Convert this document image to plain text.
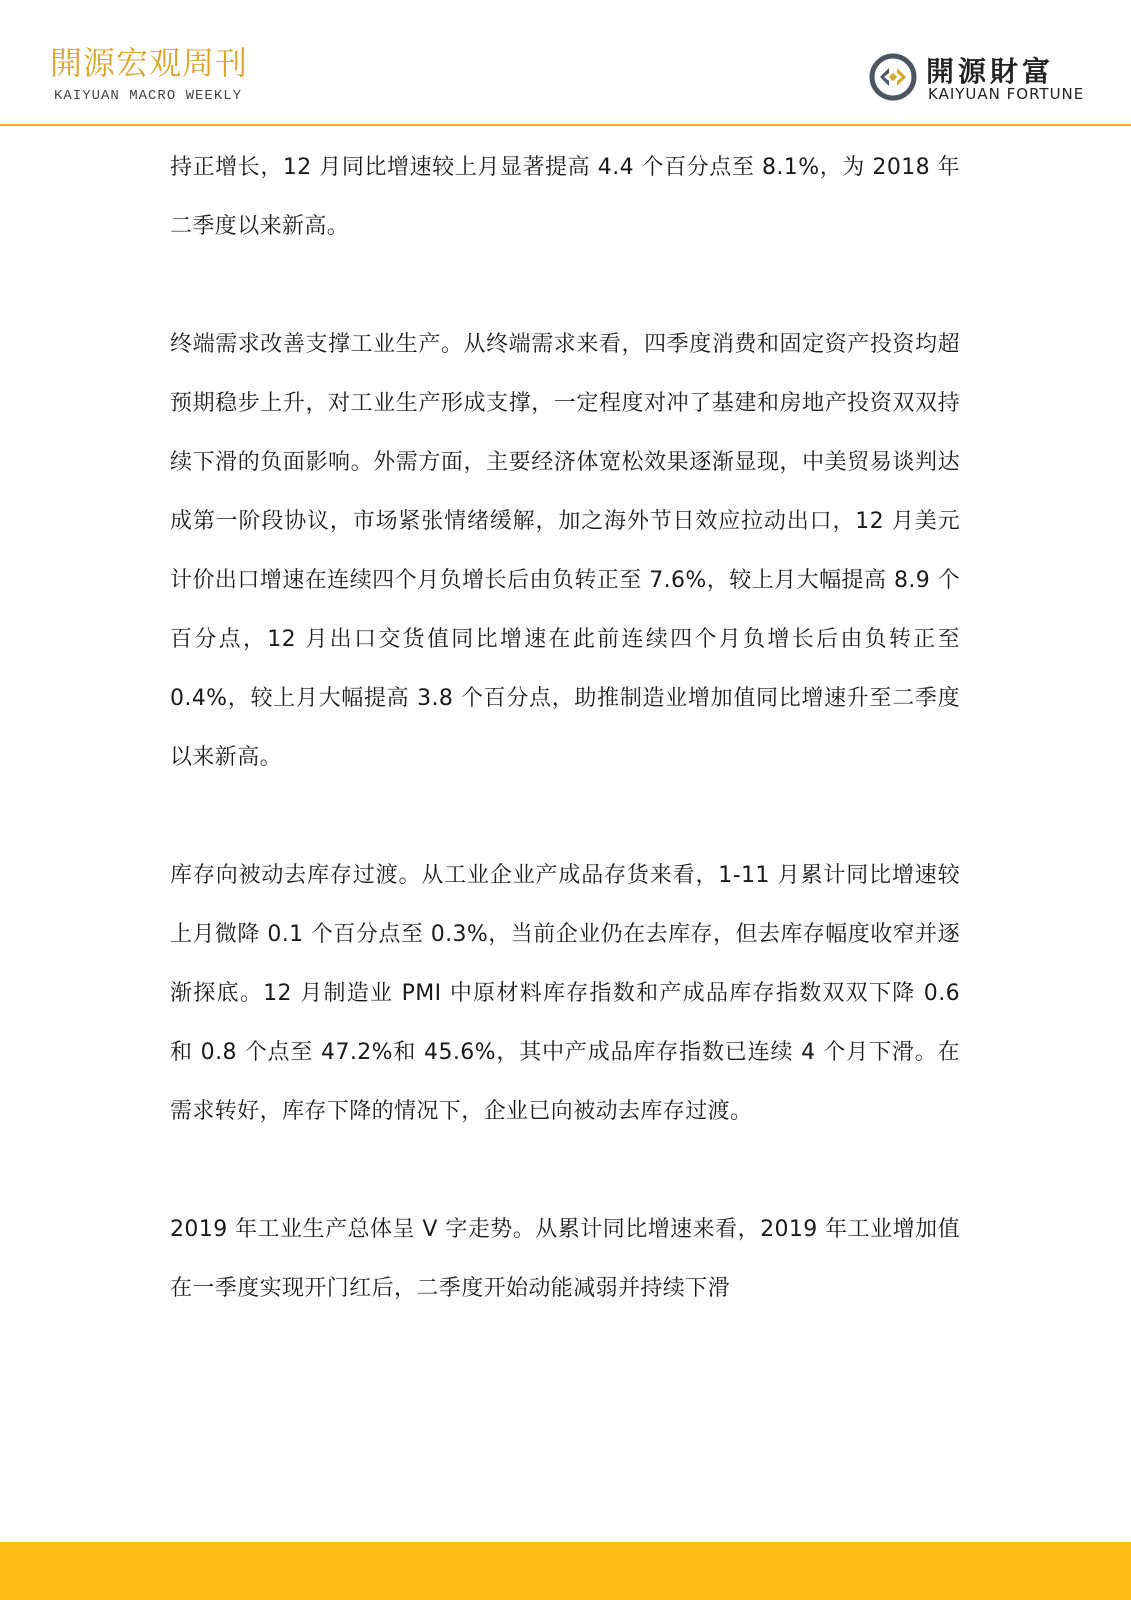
開源宏观周刊
KAIYUAN MACRO WEEKLY
開源財富
KAIYUAN FORTUNE

持正增长，12 月同比增速较上月显著提高 4.4 个百分点至 8.1%，为 2018 年二季度以来新高。

终端需求改善支撑工业生产。从终端需求来看，四季度消费和固定资产投资均超预期稳步上升，对工业生产形成支撑，一定程度对冲了基建和房地产投资双双持续下滑的负面影响。外需方面，主要经济体宽松效果逐渐显现，中美贸易谈判达成第一阶段协议，市场紧张情绪缓解，加之海外节日效应拉动出口，12 月美元计价出口增速在连续四个月负增长后由负转正至 7.6%，较上月大幅提高 8.9 个百分点，12 月出口交货值同比增速在此前连续四个月负增长后由负转正至 0.4%，较上月大幅提高 3.8 个百分点，助推制造业增加值同比增速升至二季度以来新高。

库存向被动去库存过渡。从工业企业产成品存货来看，1-11 月累计同比增速较上月微降 0.1 个百分点至 0.3%，当前企业仍在去库存，但去库存幅度收窄并逐渐探底。12 月制造业 PMI 中原材料库存指数和产成品库存指数双双下降 0.6 和 0.8 个点至 47.2%和 45.6%，其中产成品库存指数已连续 4 个月下滑。在需求转好，库存下降的情况下，企业已向被动去库存过渡。

2019 年工业生产总体呈 V 字走势。从累计同比增速来看，2019 年工业增加值在一季度实现开门红后，二季度开始动能减弱并持续下滑
